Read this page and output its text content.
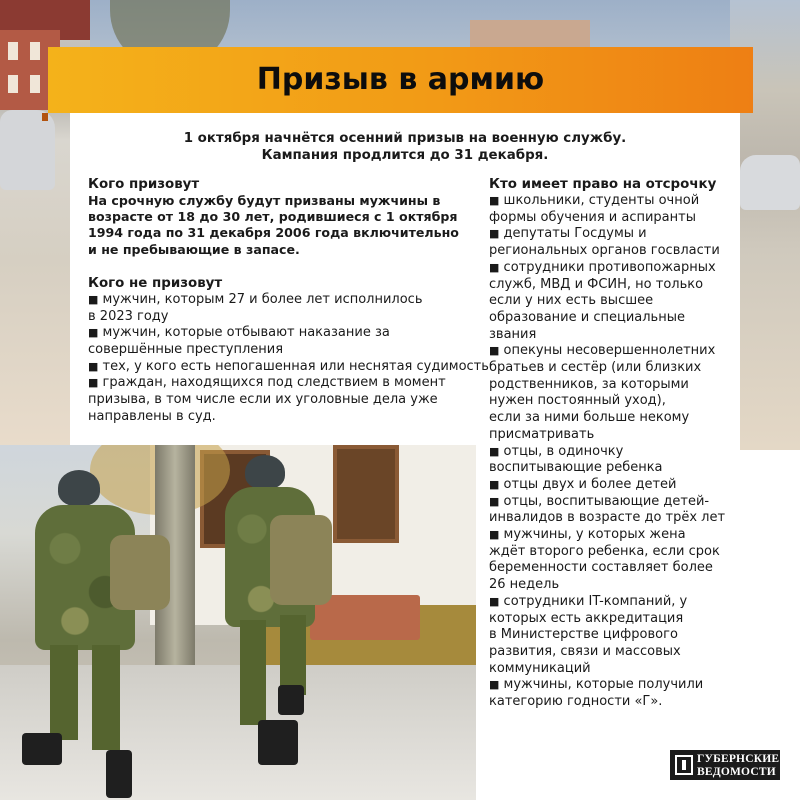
Призыв в армию
1 октября начнётся осенний призыв на военную службу.
Кампания продлится до 31 декабря.
Кого призовут
На срочную службу будут призваны мужчины в
возрасте от 18 до 30 лет, родившиеся с 1 октября
1994 года по 31 декабря 2006 года включительно
и не пребывающие в запасе.
Кого не призовут
■ мужчин, которым 27 и более лет исполнилось
в 2023 году
■ мужчин, которые отбывают наказание за
совершённые преступления
■ тех, у кого есть непогашенная или неснятая судимость
■ граждан, находящихся под следствием в момент
призыва, в том числе если их уголовные дела уже
направлены в суд.
Кто имеет право на отсрочку
■ школьники, студенты очной
формы обучения и аспиранты
■ депутаты Госдумы и
региональных органов госвласти
■ сотрудники противопожарных
служб, МВД и ФСИН, но только
если у них есть высшее
образование и специальные
звания
■ опекуны несовершеннолетних
братьев и сестёр (или близких
родственников, за которыми
нужен постоянный уход),
если за ними больше некому
присматривать
■ отцы, в одиночку
воспитывающие ребенка
■ отцы двух и более детей
■ отцы, воспитывающие детей-
инвалидов в возрасте до трёх лет
■ мужчины, у которых жена
ждёт второго ребенка, если срок
беременности составляет более
26 недель
■ сотрудники IT-компаний, у
которых есть аккредитация
в Министерстве цифрового
развития, связи и массовых
коммуникаций
■ мужчины, которые получили
категорию годности «Г».
ГУБЕРНСКИЕ
ВЕДОМОСТИ
